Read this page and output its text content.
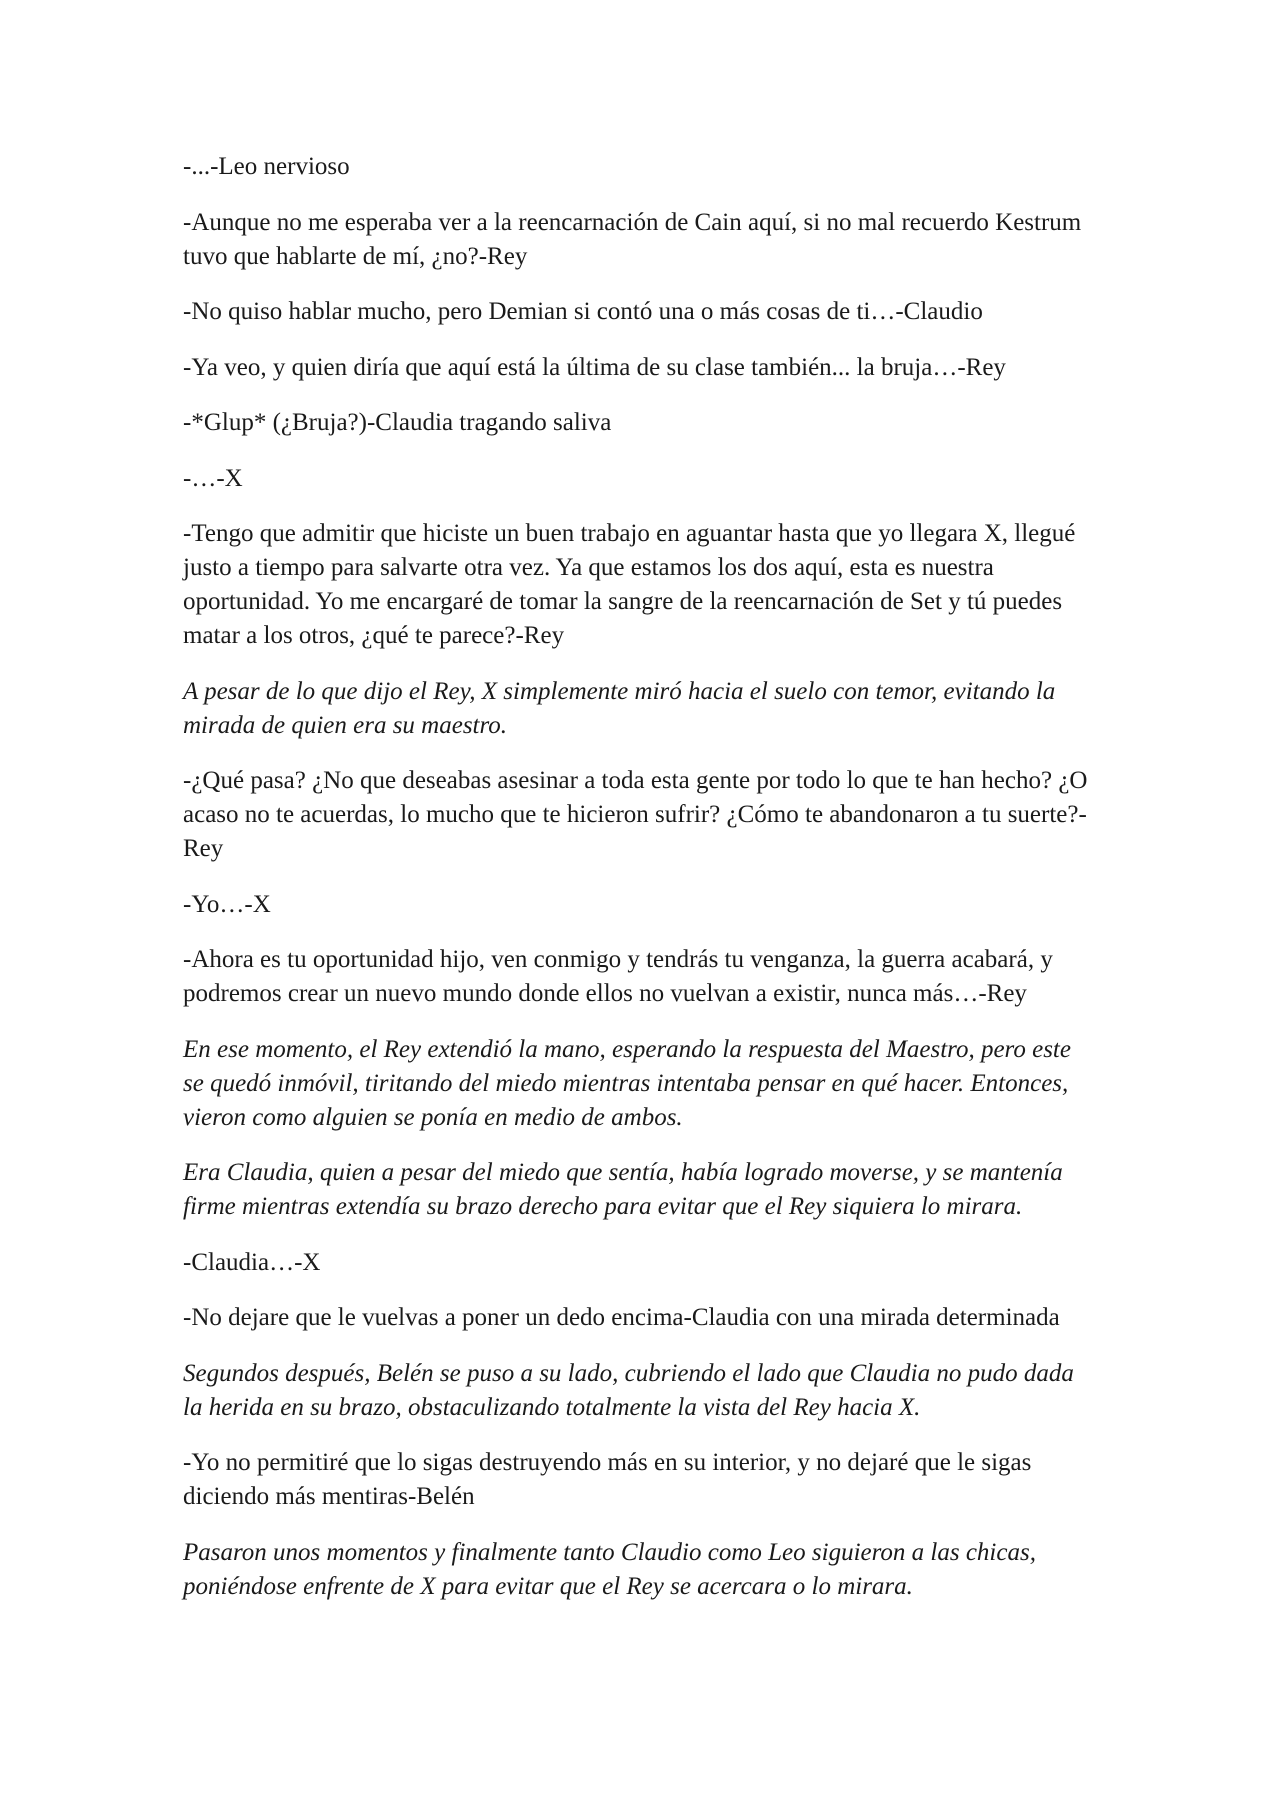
-...-Leo nervioso

-Aunque no me esperaba ver a la reencarnación de Cain aquí, si no mal recuerdo Kestrum tuvo que hablarte de mí, ¿no?-Rey

-No quiso hablar mucho, pero Demian si contó una o más cosas de ti…-Claudio

-Ya veo, y quien diría que aquí está la última de su clase también... la bruja…-Rey

-*Glup* (¿Bruja?)-Claudia tragando saliva

-…-X

-Tengo que admitir que hiciste un buen trabajo en aguantar hasta que yo llegara X, llegué justo a tiempo para salvarte otra vez. Ya que estamos los dos aquí, esta es nuestra oportunidad. Yo me encargaré de tomar la sangre de la reencarnación de Set y tú puedes matar a los otros, ¿qué te parece?-Rey

A pesar de lo que dijo el Rey, X simplemente miró hacia el suelo con temor, evitando la mirada de quien era su maestro.

-¿Qué pasa? ¿No que deseabas asesinar a toda esta gente por todo lo que te han hecho? ¿O acaso no te acuerdas, lo mucho que te hicieron sufrir? ¿Cómo te abandonaron a tu suerte?-Rey

-Yo…-X

-Ahora es tu oportunidad hijo, ven conmigo y tendrás tu venganza, la guerra acabará, y podremos crear un nuevo mundo donde ellos no vuelvan a existir, nunca más…-Rey

En ese momento, el Rey extendió la mano, esperando la respuesta del Maestro, pero este se quedó inmóvil, tiritando del miedo mientras intentaba pensar en qué hacer. Entonces, vieron como alguien se ponía en medio de ambos.

Era Claudia, quien a pesar del miedo que sentía, había logrado moverse, y se mantenía firme mientras extendía su brazo derecho para evitar que el Rey siquiera lo mirara.

-Claudia…-X

-No dejare que le vuelvas a poner un dedo encima-Claudia con una mirada determinada

Segundos después, Belén se puso a su lado, cubriendo el lado que Claudia no pudo dada la herida en su brazo, obstaculizando totalmente la vista del Rey hacia X.

-Yo no permitiré que lo sigas destruyendo más en su interior, y no dejaré que le sigas diciendo más mentiras-Belén

Pasaron unos momentos y finalmente tanto Claudio como Leo siguieron a las chicas, poniéndose enfrente de X para evitar que el Rey se acercara o lo mirara.
